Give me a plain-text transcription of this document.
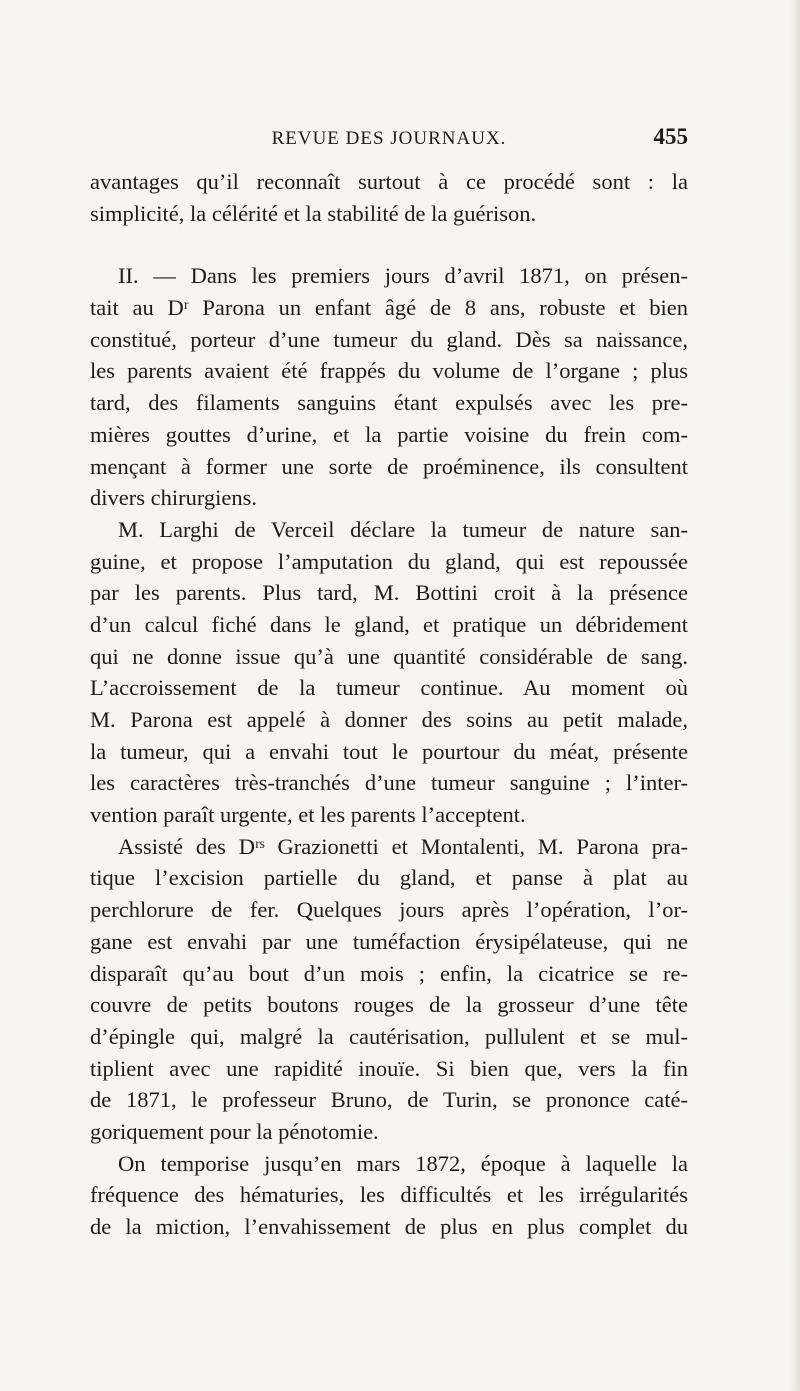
REVUE DES JOURNAUX.	455
avantages qu’il reconnaît surtout à ce procédé sont : la
simplicité, la célérité et la stabilité de la guérison.
II. — Dans les premiers jours d’avril 1871, on présen-
tait au Dʳ Parona un enfant âgé de 8 ans, robuste et bien
constitué, porteur d’une tumeur du gland. Dès sa naissance,
les parents avaient été frappés du volume de l’organe ; plus
tard, des filaments sanguins étant expulsés avec les pre-
mières gouttes d’urine, et la partie voisine du frein com-
mençant à former une sorte de proéminence, ils consultent
divers chirurgiens.
M. Larghi de Verceil déclare la tumeur de nature san-
guine, et propose l’amputation du gland, qui est repoussée
par les parents. Plus tard, M. Bottini croit à la présence
d’un calcul fiché dans le gland, et pratique un débridement
qui ne donne issue qu’à une quantité considérable de sang.
L’accroissement de la tumeur continue. Au moment où
M. Parona est appelé à donner des soins au petit malade,
la tumeur, qui a envahi tout le pourtour du méat, présente
les caractères très-tranchés d’une tumeur sanguine ; l’inter-
vention paraît urgente, et les parents l’acceptent.
Assisté des Dʳˢ Grazionetti et Montalenti, M. Parona pra-
tique l’excision partielle du gland, et panse à plat au
perchlorure de fer. Quelques jours après l’opération, l’or-
gane est envahi par une tuméfaction érysipélateuse, qui ne
disparaît qu’au bout d’un mois ; enfin, la cicatrice se re-
couvre de petits boutons rouges de la grosseur d’une tête
d’épingle qui, malgré la cautérisation, pullulent et se mul-
tiplient avec une rapidité inouïe. Si bien que, vers la fin
de 1871, le professeur Bruno, de Turin, se prononce caté-
goriquement pour la pénotomie.
On temporise jusqu’en mars 1872, époque à laquelle la
fréquence des hématuries, les difficultés et les irrégularités
de la miction, l’envahissement de plus en plus complet du
